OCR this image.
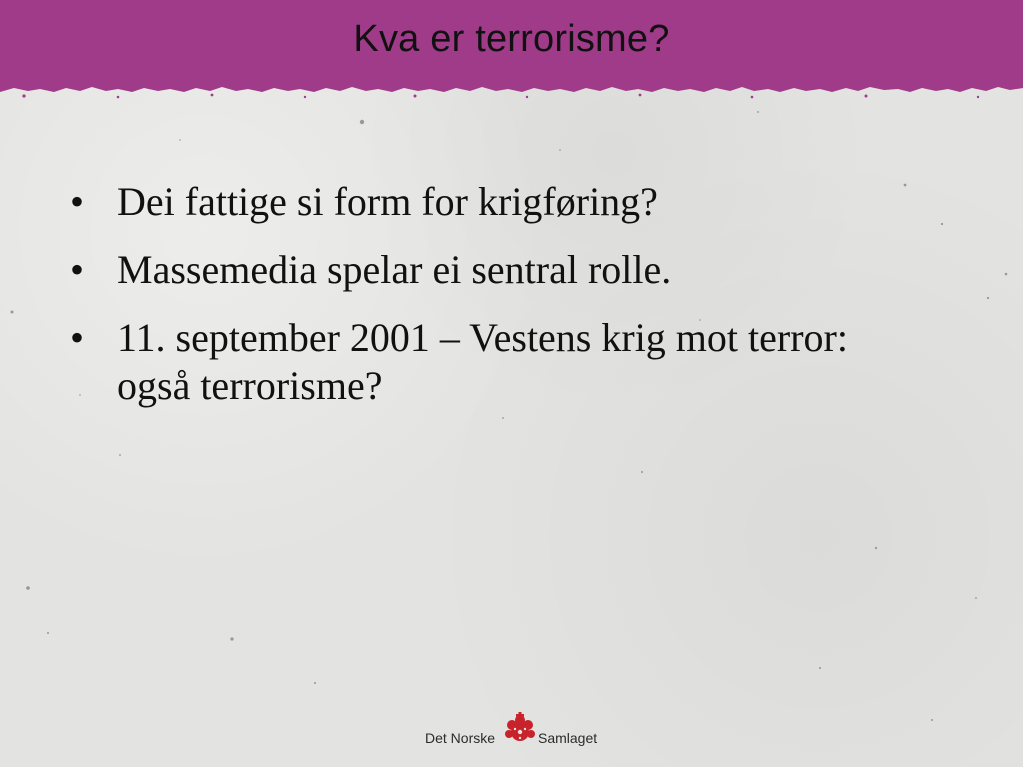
Kva er terrorisme?
• Dei fattige si form for krigføring?
• Massemedia spelar ei sentral rolle.
• 11. september 2001 – Vestens krig mot terror: også terrorisme?
Det Norske	Samlaget
